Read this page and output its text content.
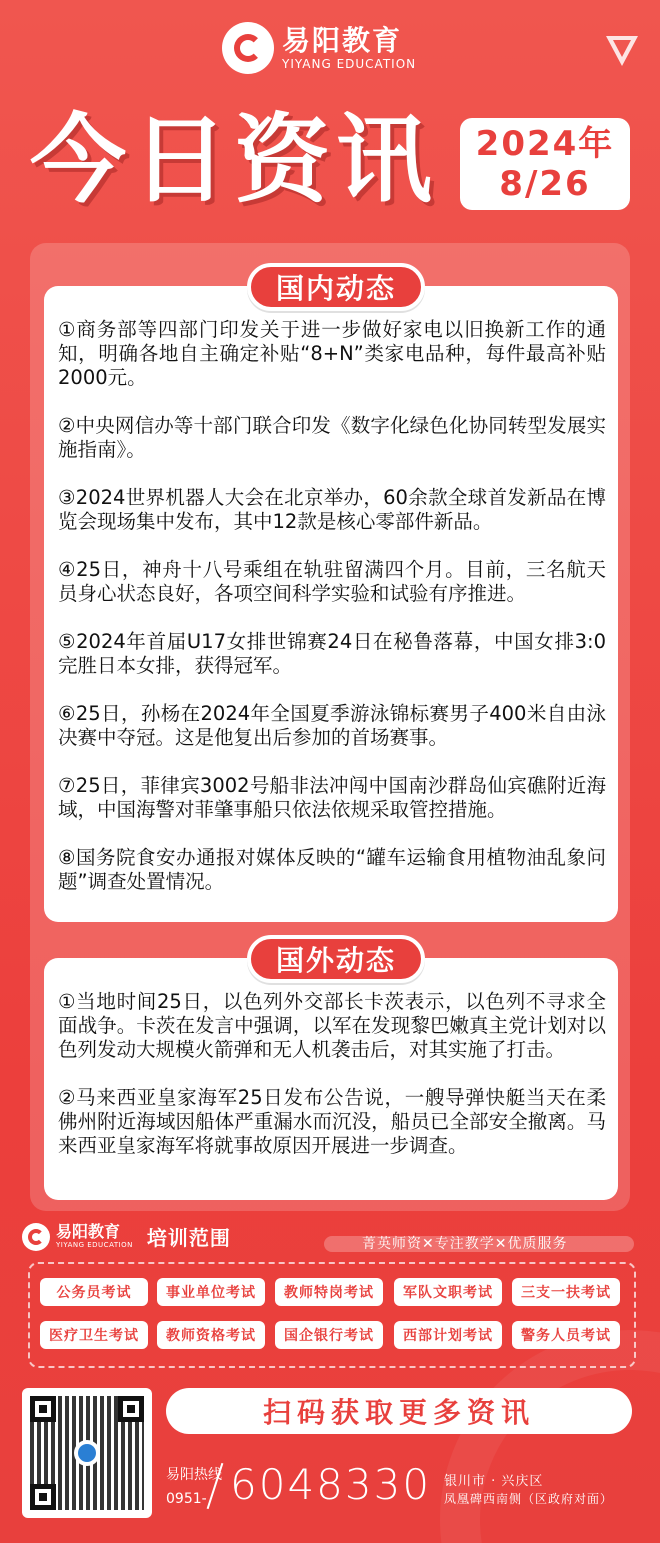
易阳教育
YIYANG EDUCATION
今日资讯 2024年
8/26
国内动态
①商务部等四部门印发关于进一步做好家电以旧换新工作的通知，明确各地自主确定补贴“8+N”类家电品种，每件最高补贴2000元。
②中央网信办等十部门联合印发《数字化绿色化协同转型发展实施指南》。
③2024世界机器人大会在北京举办，60余款全球首发新品在博览会现场集中发布，其中12款是核心零部件新品。
④25日，神舟十八号乘组在轨驻留满四个月。目前，三名航天员身心状态良好，各项空间科学实验和试验有序推进。
⑤2024年首届U17女排世锦赛24日在秘鲁落幕，中国女排3:0完胜日本女排，获得冠军。
⑥25日，孙杨在2024年全国夏季游泳锦标赛男子400米自由泳决赛中夺冠。这是他复出后参加的首场赛事。
⑦25日，菲律宾3002号船非法冲闯中国南沙群岛仙宾礁附近海域，中国海警对菲肇事船只依法依规采取管控措施。
⑧国务院食安办通报对媒体反映的“罐车运输食用植物油乱象问题”调查处置情况。
国外动态
①当地时间25日，以色列外交部长卡茨表示，以色列不寻求全面战争。卡茨在发言中强调，以军在发现黎巴嫩真主党计划对以色列发动大规模火箭弹和无人机袭击后，对其实施了打击。
②马来西亚皇家海军25日发布公告说，一艘导弹快艇当天在柔佛州附近海域因船体严重漏水而沉没，船员已全部安全撤离。马来西亚皇家海军将就事故原因开展进一步调查。
易阳教育
YIYANG EDUCATION 培训范围	菁英师资✕专注教学✕优质服务
公务员考试	事业单位考试	教师特岗考试	军队文职考试	三支一扶考试
医疗卫生考试	教师资格考试	国企银行考试	西部计划考试	警务人员考试
扫码获取更多资讯
易阳热线
0951- 6048330 银川市 · 兴庆区
凤凰碑西南侧（区政府对面）
